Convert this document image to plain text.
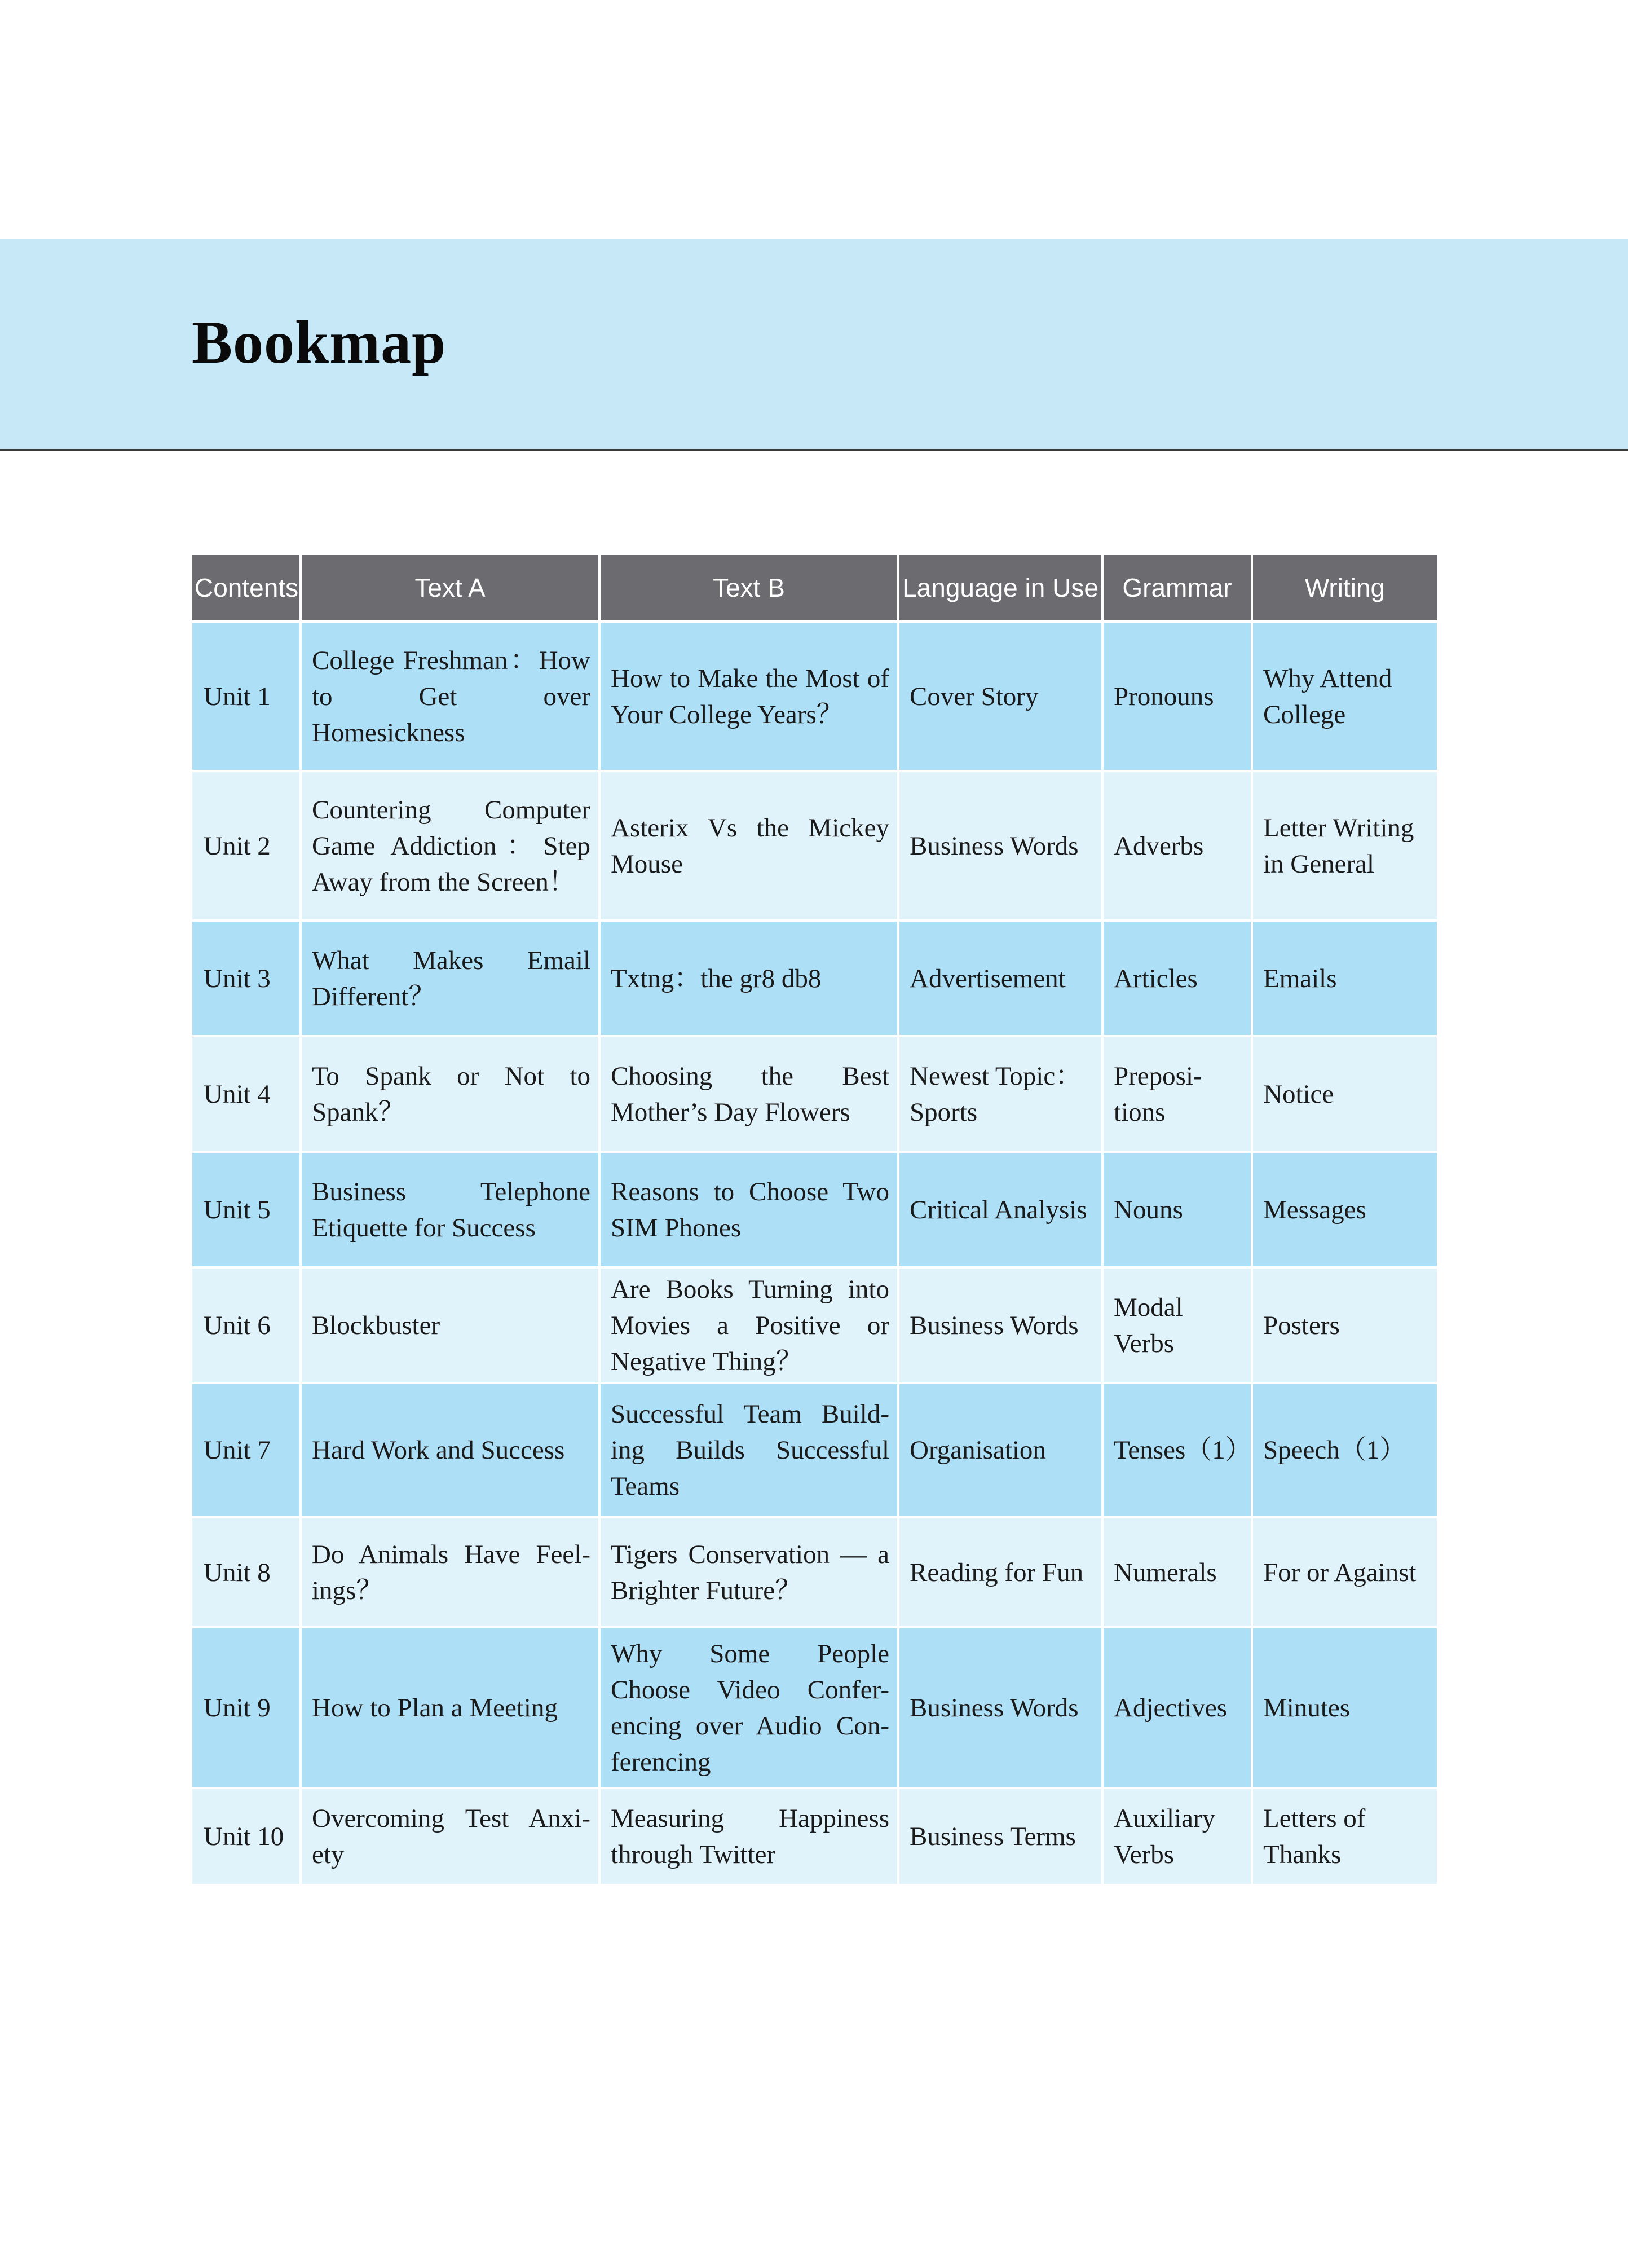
Bookmap
Contents	Text A	Text B	Language in Use	Grammar	Writing
Unit 1	College Freshman：How to Get over Homesickness	How to Make the Most of Your College Years？	Cover Story	Pronouns	Why Attend College
Unit 2	Countering Computer Game Addiction：Step Away from the Screen！	Asterix Vs the Mickey Mouse	Business Words	Adverbs	Letter Writing in General
Unit 3	What Makes Email Different？	Txtng：the gr8 db8	Advertisement	Articles	Emails
Unit 4	To Spank or Not to Spank？	Choosing the Best Mother’s Day Flowers	Newest Topic：Sports	Preposi-tions	Notice
Unit 5	Business Telephone Etiquette for Success	Reasons to Choose Two SIM Phones	Critical Analysis	Nouns	Messages
Unit 6	Blockbuster	Are Books Turning into Movies a Positive or Negative Thing？	Business Words	Modal Verbs	Posters
Unit 7	Hard Work and Success	Successful Team Build-ing Builds Successful Teams	Organisation	Tenses（1）	Speech（1）
Unit 8	Do Animals Have Feel-ings？	Tigers Conservation — a Brighter Future？	Reading for Fun	Numerals	For or Against
Unit 9	How to Plan a Meeting	Why Some People Choose Video Confer-encing over Audio Con-ferencing	Business Words	Adjectives	Minutes
Unit 10	Overcoming Test Anxi-ety	Measuring Happiness through Twitter	Business Terms	Auxiliary Verbs	Letters of Thanks
